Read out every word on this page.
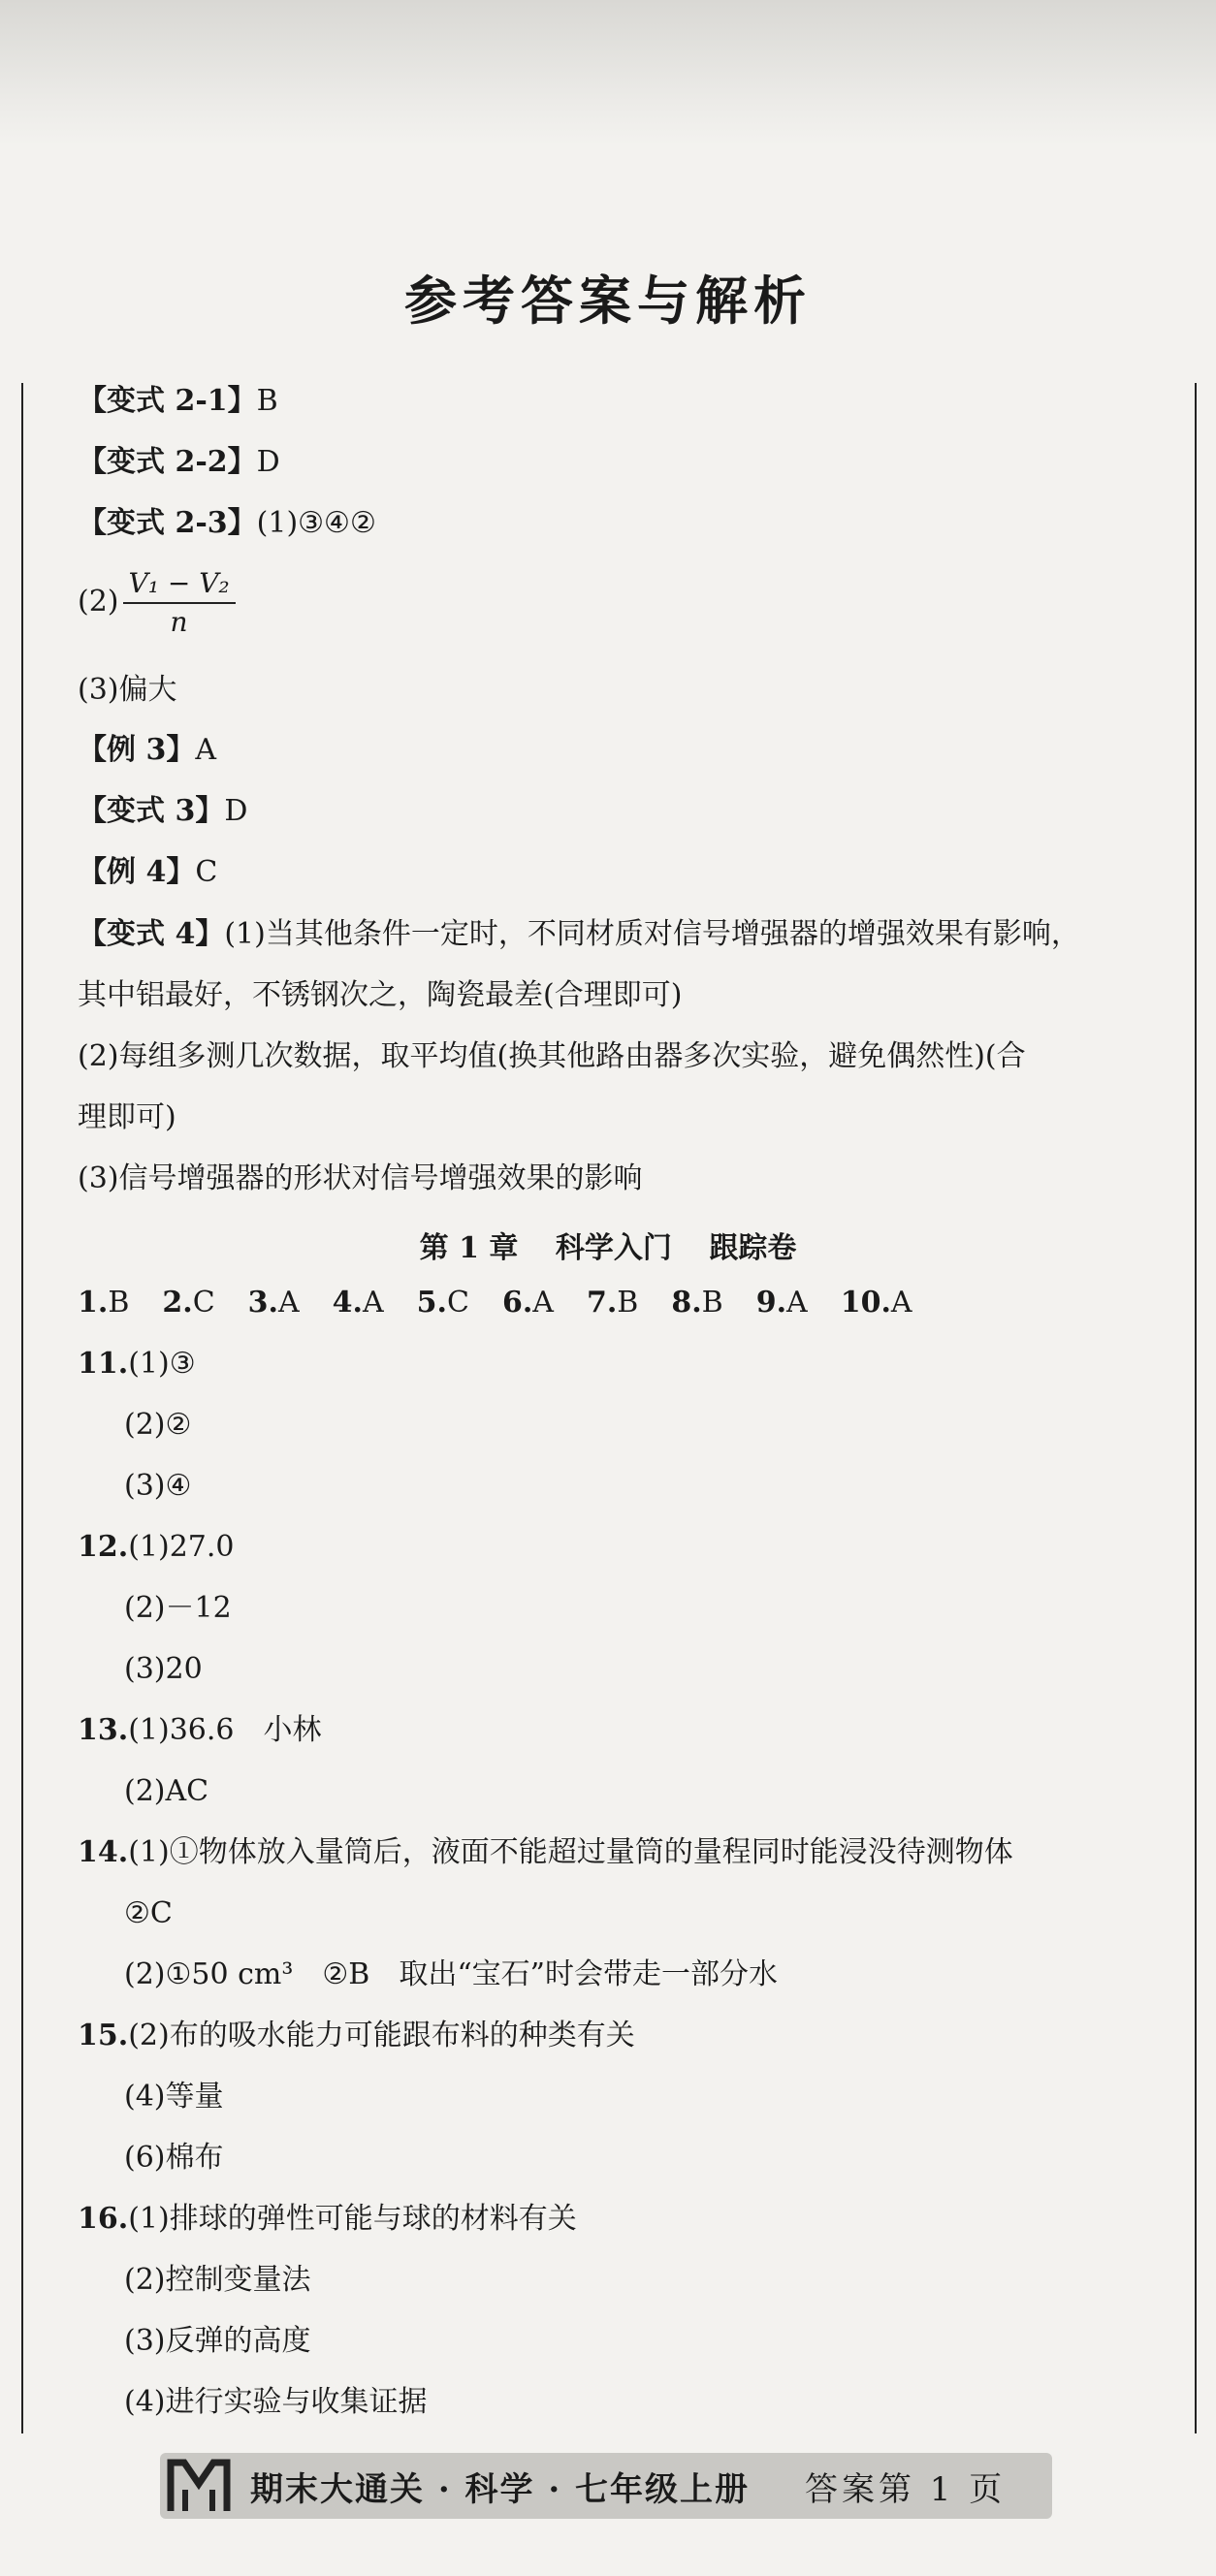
参考答案与解析
【变式 2-1】B
【变式 2-2】D
【变式 2-3】(1)③④②
$(2) \frac{\text{V₁ − V₂}}{n}$
(3)偏大
【例 3】A
【变式 3】D
【例 4】C
【变式 4】(1)当其他条件一定时，不同材质对信号增强器的增强效果有影响，
其中铝最好，不锈钢次之，陶瓷最差(合理即可)
(2)每组多测几次数据，取平均值(换其他路由器多次实验，避免偶然性)(合
理即可)
(3)信号增强器的形状对信号增强效果的影响
第 1 章 科学入门 跟踪卷
1.B 2.C 3.A 4.A 5.C 6.A 7.B 8.B 9.A 10.A
11.(1)③
(2)②
(3)④
12.(1)27.0
(2)－12
(3)20
13.(1)36.6　小林
(2)AC
14.(1)①物体放入量筒后，液面不能超过量筒的量程同时能浸没待测物体
②C
(2)①50 cm³　②B　取出“宝石”时会带走一部分水
15.(2)布的吸水能力可能跟布料的种类有关
(4)等量
(6)棉布
16.(1)排球的弹性可能与球的材料有关
(2)控制变量法
(3)反弹的高度
(4)进行实验与收集证据
期末大通关 · 科学 · 七年级上册 答案第 1 页
